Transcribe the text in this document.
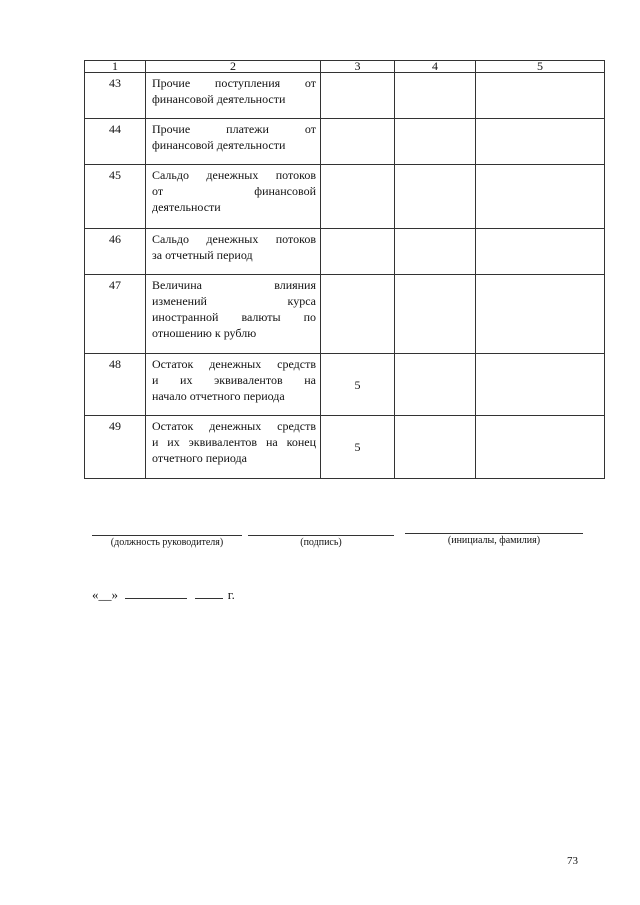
1	2	3	4	5
43	Прочие поступления от
финансовой деятельности			

44	Прочие платежи от
финансовой деятельности			

45	Сальдо денежных потоков
от финансовой
деятельности			

46	Сальдо денежных потоков
за отчетный период			

47	Величина влияния
изменений курса
иностранной валюты по
отношению к рублю			

48	Остаток денежных средств
и их эквивалентов на
начало отчетного периода	5		
49	Остаток денежных средств
и их эквивалентов на конец
отчетного периода	5		
(должность руководителя)	(подпись)	(инициалы, фамилия)
«__»	г.
73
